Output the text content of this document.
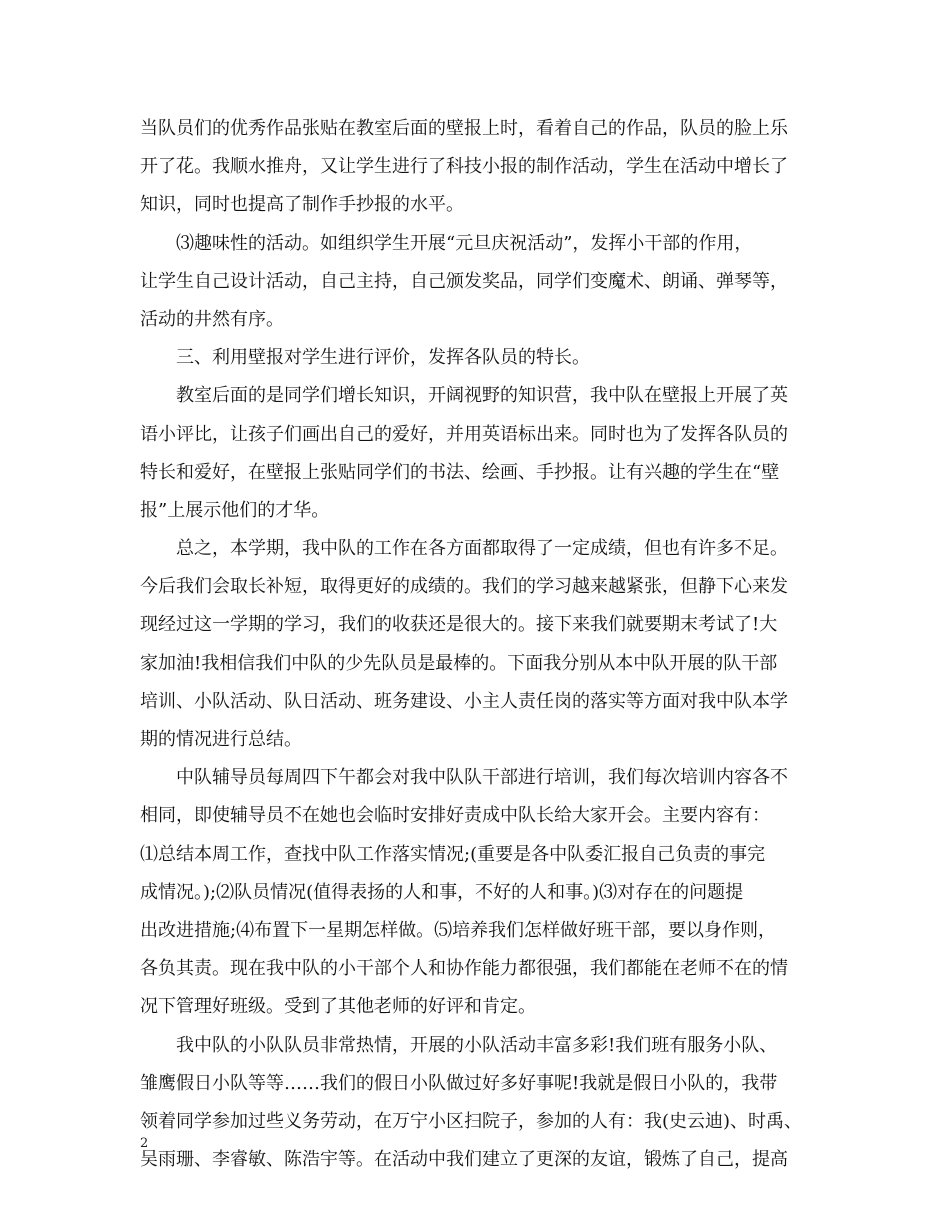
当队员们的优秀作品张贴在教室后面的壁报上时，看着自己的作品，队员的脸上乐
开了花。我顺水推舟，又让学生进行了科技小报的制作活动，学生在活动中增长了
知识，同时也提高了制作手抄报的水平。
⑶趣味性的活动。如组织学生开展“元旦庆祝活动”，发挥小干部的作用，
让学生自己设计活动，自己主持，自己颁发奖品，同学们变魔术、朗诵、弹琴等，
活动的井然有序。
三、利用壁报对学生进行评价，发挥各队员的特长。
教室后面的是同学们增长知识，开阔视野的知识营，我中队在壁报上开展了英
语小评比，让孩子们画出自己的爱好，并用英语标出来。同时也为了发挥各队员的
特长和爱好，在壁报上张贴同学们的书法、绘画、手抄报。让有兴趣的学生在“壁
报”上展示他们的才华。
总之，本学期，我中队的工作在各方面都取得了一定成绩，但也有许多不足。
今后我们会取长补短，取得更好的成绩的。我们的学习越来越紧张，但静下心来发
现经过这一学期的学习，我们的收获还是很大的。接下来我们就要期末考试了!大
家加油!我相信我们中队的少先队员是最棒的。下面我分别从本中队开展的队干部
培训、小队活动、队日活动、班务建设、小主人责任岗的落实等方面对我中队本学
期的情况进行总结。
中队辅导员每周四下午都会对我中队队干部进行培训，我们每次培训内容各不
相同，即使辅导员不在她也会临时安排好责成中队长给大家开会。主要内容有：
⑴总结本周工作，查找中队工作落实情况;(重要是各中队委汇报自己负责的事完
成情况。);⑵队员情况(值得表扬的人和事，不好的人和事。)⑶对存在的问题提
出改进措施;⑷布置下一星期怎样做。⑸培养我们怎样做好班干部，要以身作则，
各负其责。现在我中队的小干部个人和协作能力都很强，我们都能在老师不在的情
况下管理好班级。受到了其他老师的好评和肯定。
我中队的小队队员非常热情，开展的小队活动丰富多彩!我们班有服务小队、
雏鹰假日小队等等……我们的假日小队做过好多好事呢!我就是假日小队的，我带
领着同学参加过些义务劳动，在万宁小区扫院子，参加的人有：我(史云迪)、时禹、
吴雨珊、李睿敏、陈浩宇等。在活动中我们建立了更深的友谊，锻炼了自己，提高
2
